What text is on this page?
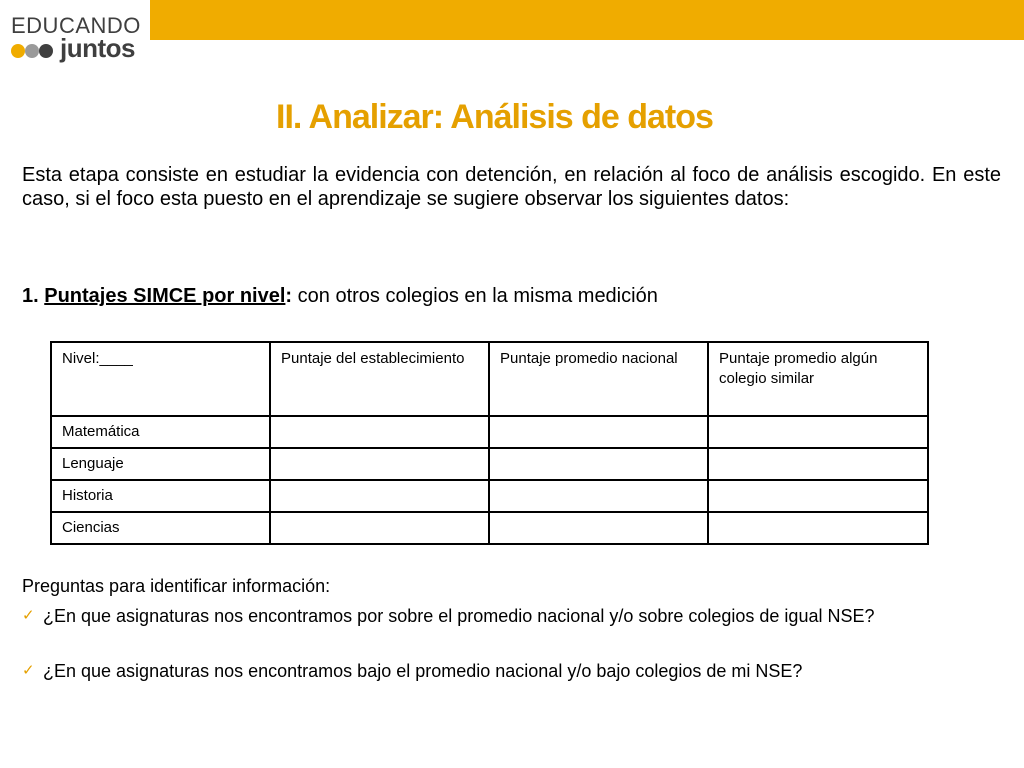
EDUCANDO
juntos
II. Analizar: Análisis de datos
Esta etapa consiste en estudiar la evidencia con detención, en relación al foco de análisis escogido. En este caso, si el foco esta puesto en el aprendizaje se sugiere observar los siguientes datos:
1. Puntajes SIMCE por nivel: con otros colegios en la misma medición
Nivel:____	Puntaje del establecimiento	Puntaje promedio nacional	Puntaje promedio algún colegio similar
Matemática			
Lenguaje			
Historia			
Ciencias			
Preguntas para identificar información:
✓ ¿En que asignaturas nos encontramos por sobre el promedio nacional y/o sobre colegios de igual NSE?
✓ ¿En que asignaturas nos encontramos bajo el promedio nacional y/o bajo colegios de mi NSE?
